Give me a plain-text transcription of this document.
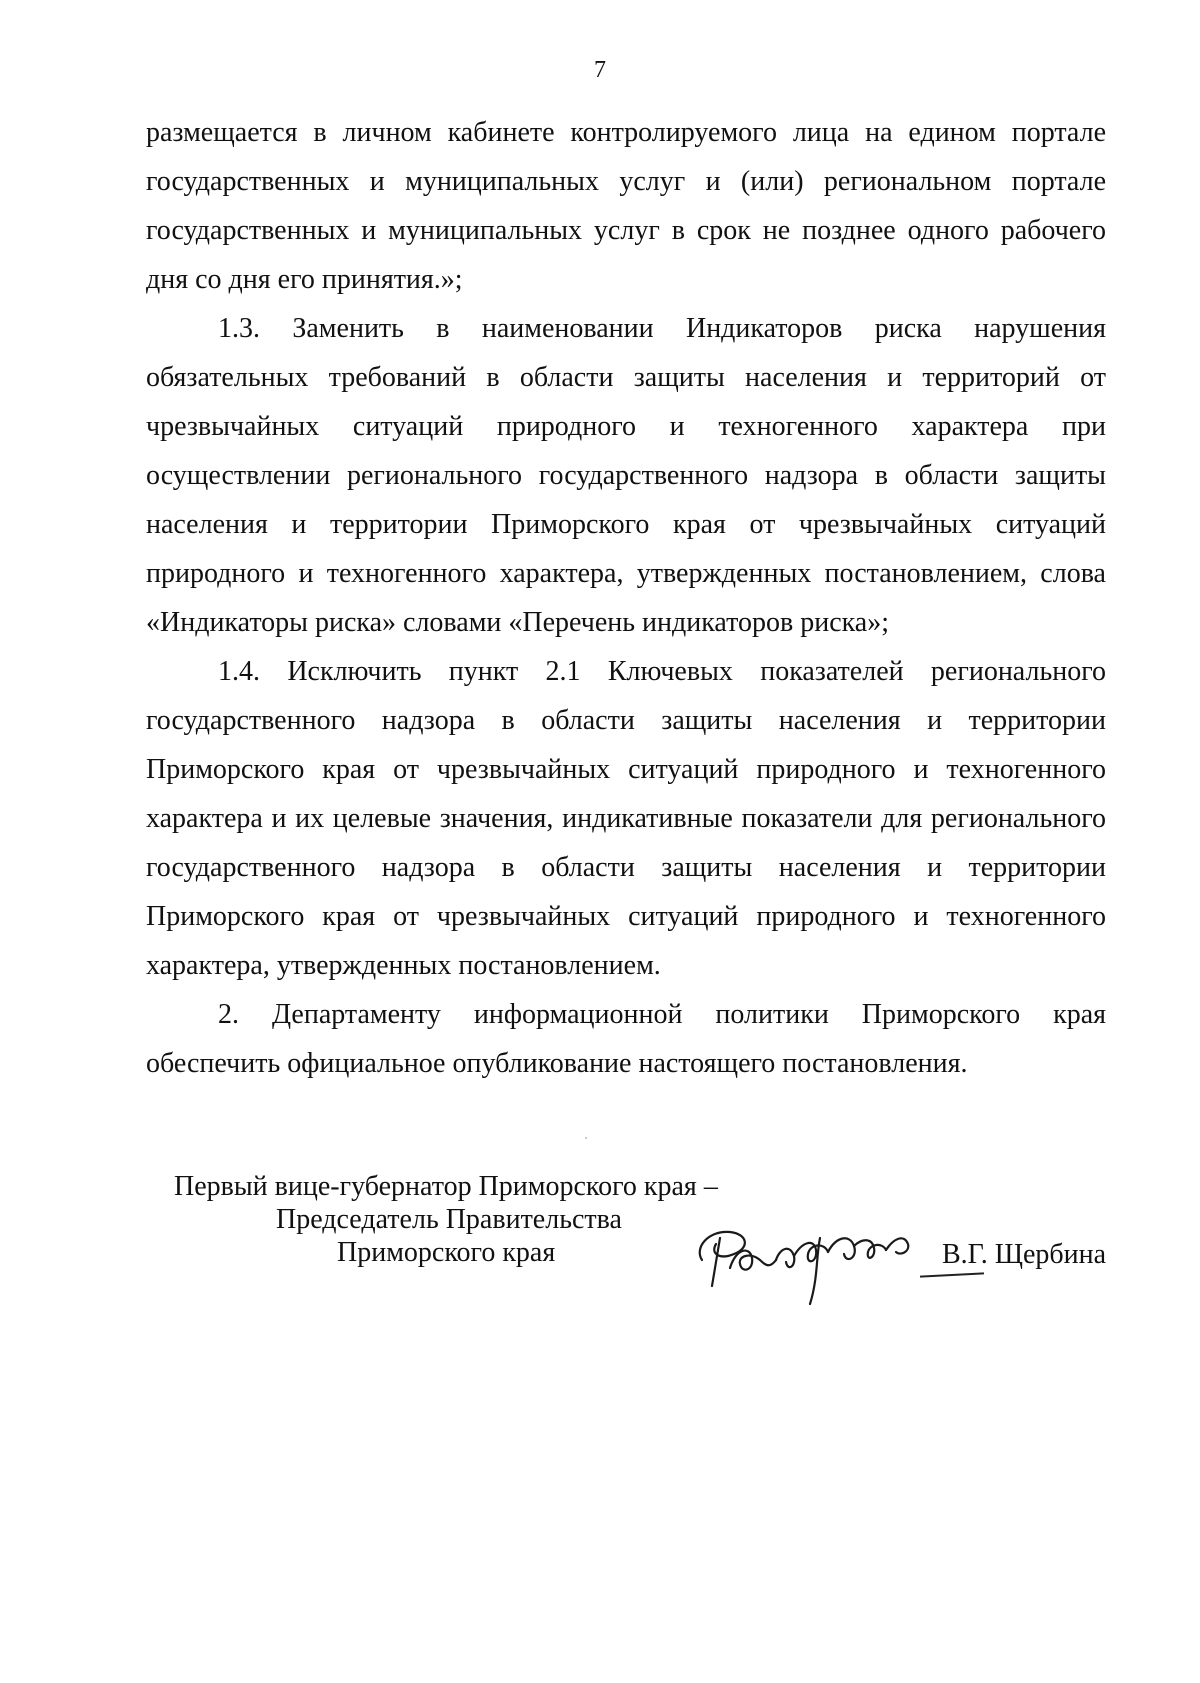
7

размещается в личном кабинете контролируемого лица на едином портале государственных и муниципальных услуг и (или) региональном портале государственных и муниципальных услуг в срок не позднее одного рабочего дня со дня его принятия.»;

1.3. Заменить в наименовании Индикаторов риска нарушения обязательных требований в области защиты населения и территорий от чрезвычайных ситуаций природного и техногенного характера при осуществлении регионального государственного надзора в области защиты населения и территории Приморского края от чрезвычайных ситуаций природного и техногенного характера, утвержденных постановлением, слова «Индикаторы риска» словами «Перечень индикаторов риска»;

1.4. Исключить пункт 2.1 Ключевых показателей регионального государственного надзора в области защиты населения и территории Приморского края от чрезвычайных ситуаций природного и техногенного характера и их целевые значения, индикативные показатели для регионального государственного надзора в области защиты населения и территории Приморского края от чрезвычайных ситуаций природного и техногенного характера, утвержденных постановлением.

2. Департаменту информационной политики Приморского края обеспечить официальное опубликование настоящего постановления.

Первый вице-губернатор Приморского края –
Председатель Правительства
Приморского края	В.Г. Щербина
